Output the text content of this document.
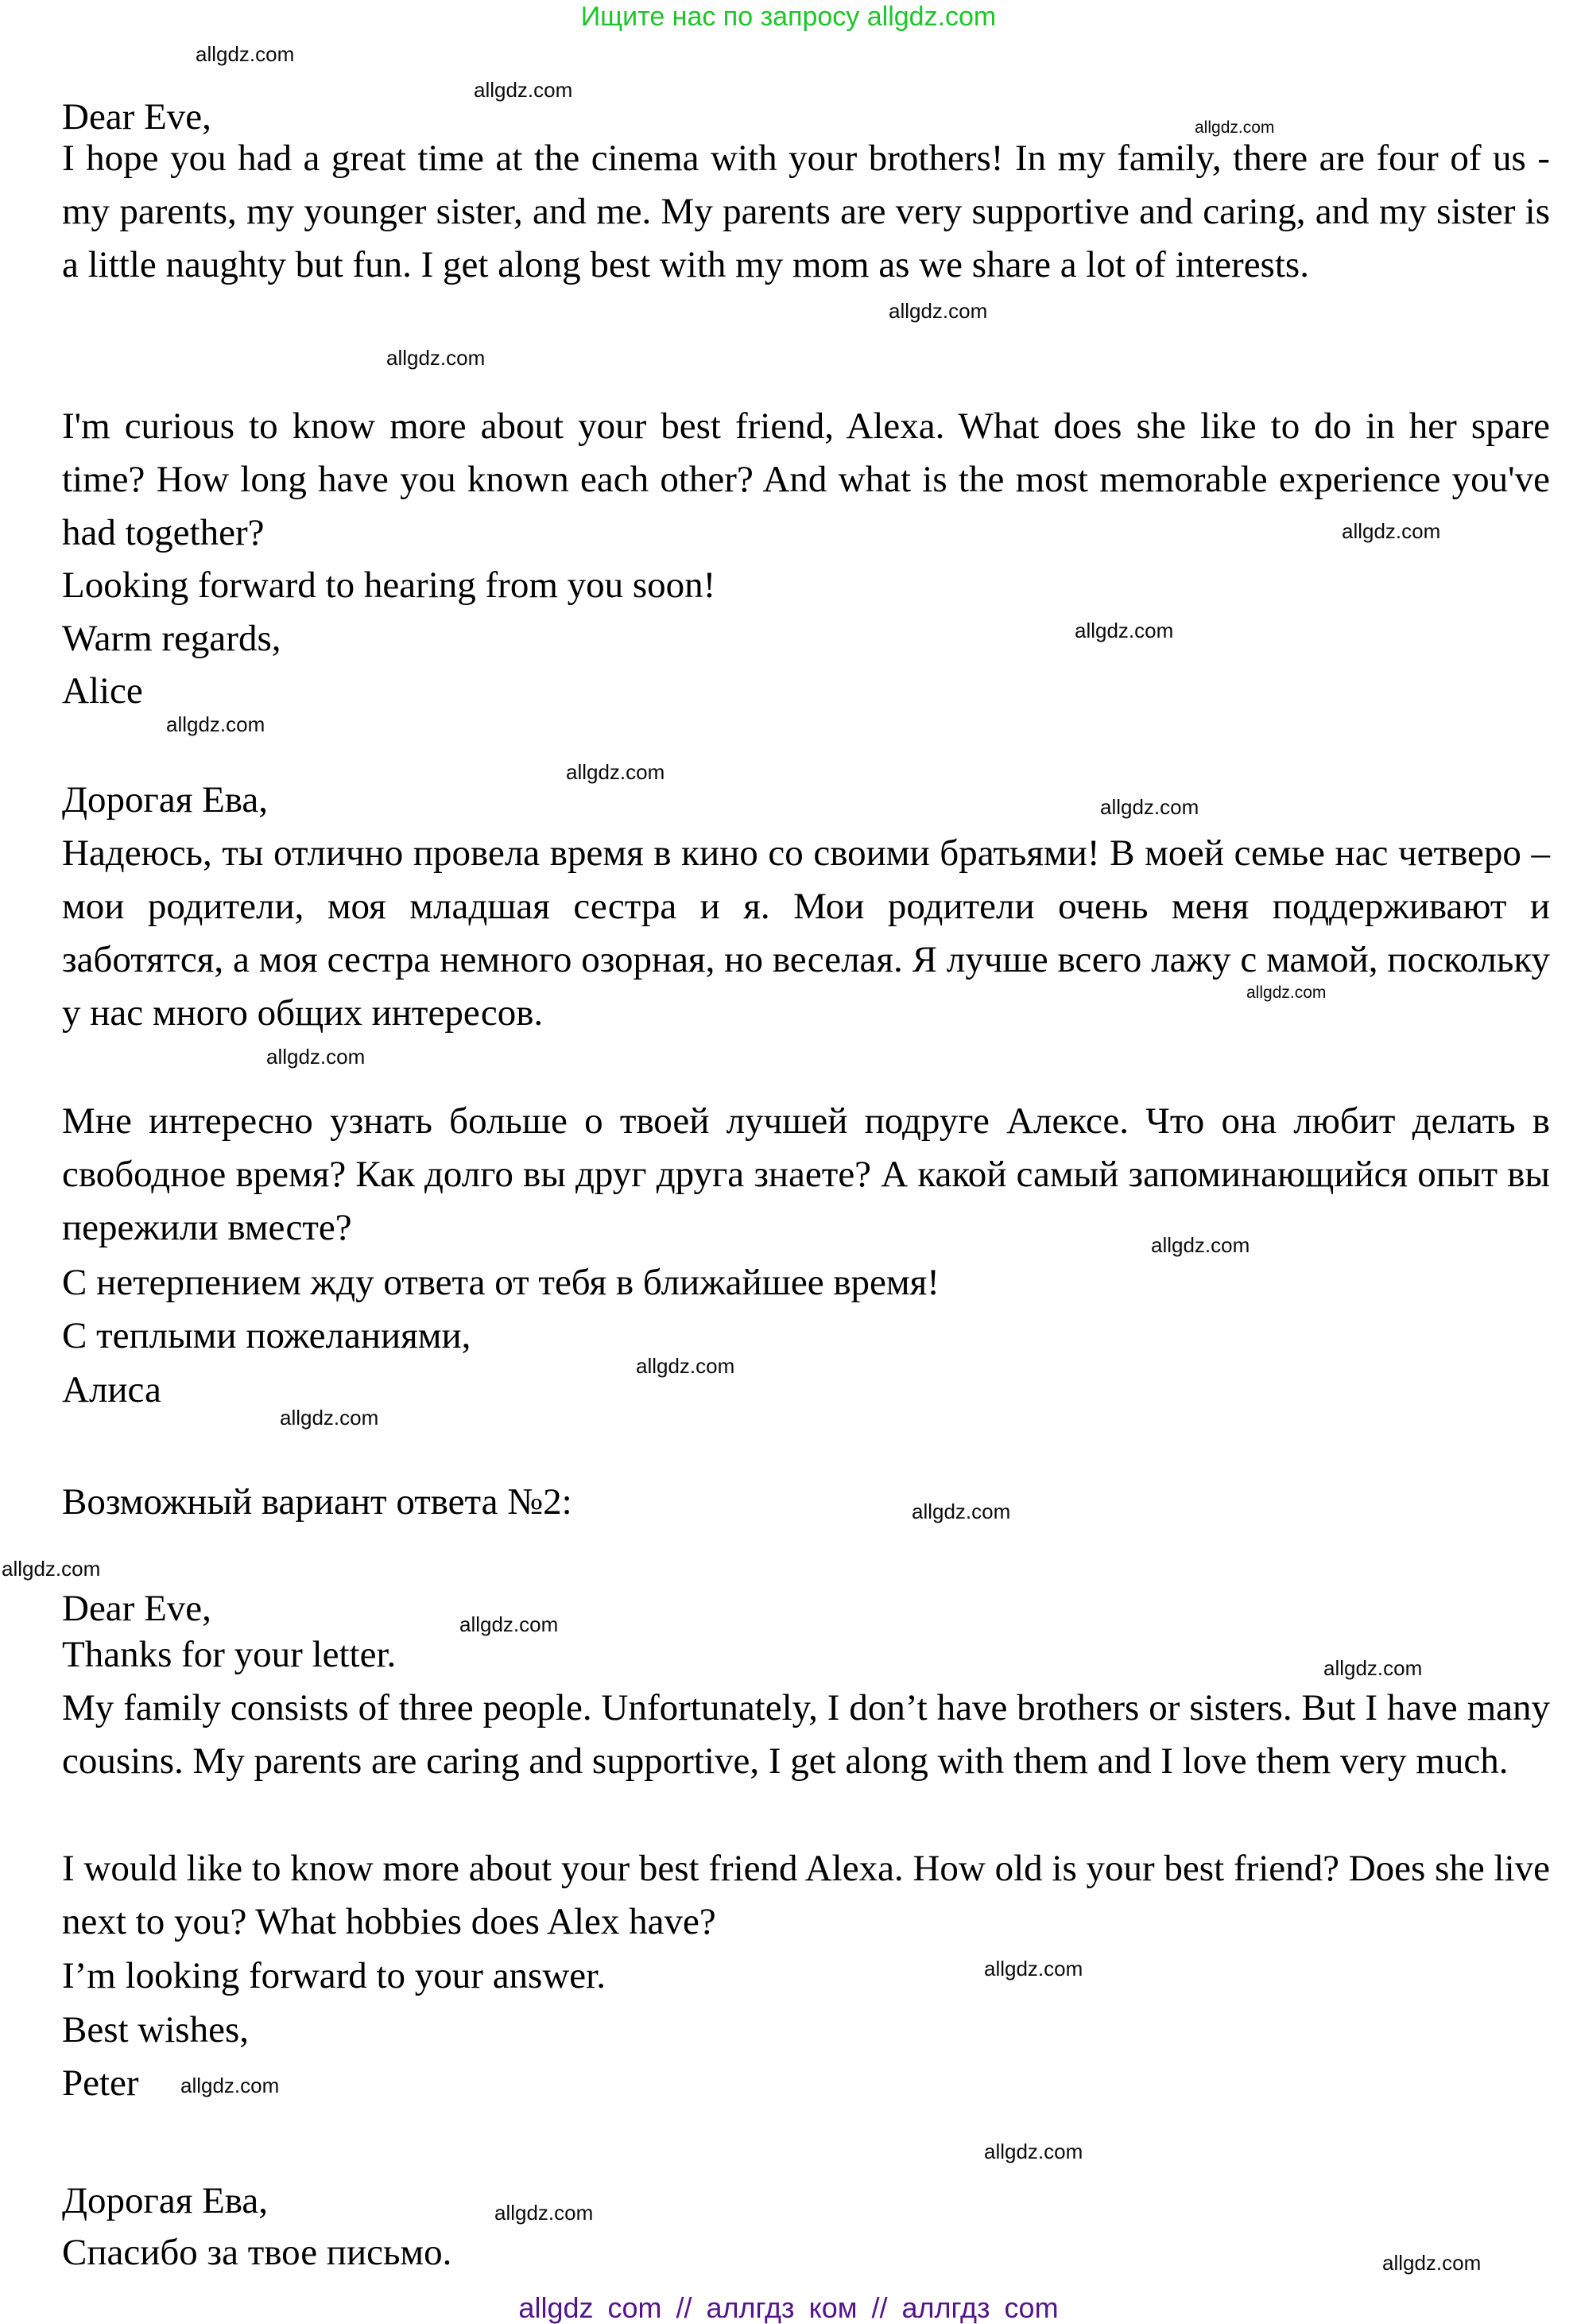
Ищите нас по запросу allgdz.com
Dear Eve,
I hope you had a great time at the cinema with your brothers! In my family, there are four of us - my parents, my younger sister, and me. My parents are very supportive and caring, and my sister is a little naughty but fun. I get along best with my mom as we share a lot of interests.
I'm curious to know more about your best friend, Alexa. What does she like to do in her spare time? How long have you known each other? And what is the most memorable experience you've had together?
Looking forward to hearing from you soon!
Warm regards,
Alice
Дорогая Ева,
Надеюсь, ты отлично провела время в кино со своими братьями! В моей семье нас четверо – мои родители, моя младшая сестра и я. Мои родители очень меня поддерживают и заботятся, а моя сестра немного озорная, но веселая. Я лучше всего лажу с мамой, поскольку у нас много общих интересов.
Мне интересно узнать больше о твоей лучшей подруге Алексе. Что она любит делать в свободное время? Как долго вы друг друга знаете? А какой самый запоминающийся опыт вы пережили вместе?
С нетерпением жду ответа от тебя в ближайшее время!
С теплыми пожеланиями,
Алиса
Возможный вариант ответа №2:
Dear Eve,
Thanks for your letter.
My family consists of three people. Unfortunately, I don’t have brothers or sisters. But I have many cousins. My parents are caring and supportive, I get along with them and I love them very much.
I would like to know more about your best friend Alexa. How old is your best friend? Does she live next to you? What hobbies does Alex have?
I’m looking forward to your answer.
Best wishes,
Peter
Дорогая Ева,
Спасибо за твое письмо.
allgdz.com
allgdz.com
allgdz.com
allgdz.com
allgdz.com
allgdz.com
allgdz.com
allgdz.com
allgdz.com
allgdz.com
allgdz.com
allgdz.com
allgdz.com
allgdz.com
allgdz.com
allgdz.com
allgdz.com
allgdz.com
allgdz.com
allgdz.com
allgdz.com
allgdz.com
allgdz.com
allgdz.com
allgdz com // аллгдз ком // аллгдз com
